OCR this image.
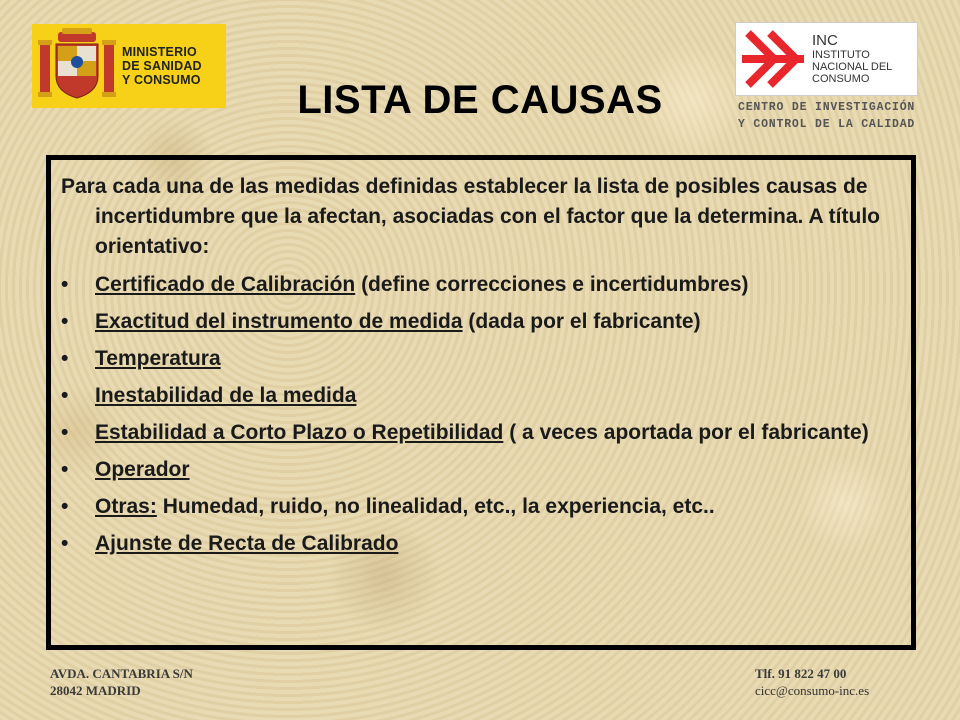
MINISTERIO
DE SANIDAD
Y CONSUMO	LISTA DE CAUSAS
INC
INSTITUTO
NACIONAL DEL
CONSUMO
CENTRO DE INVESTIGACIÓN
Y CONTROL DE LA CALIDAD

Para cada una de las medidas definidas establecer la lista de posibles causas de incertidumbre que la afectan, asociadas con el factor que la determina. A título orientativo:

• Certificado de Calibración (define correcciones e incertidumbres)
• Exactitud del instrumento de medida (dada por el fabricante)
• Temperatura
• Inestabilidad de la medida
• Estabilidad a Corto Plazo o Repetibilidad ( a veces aportada por el fabricante)
• Operador
• Otras: Humedad, ruido, no linealidad, etc., la experiencia, etc..
• Ajunste de Recta de Calibrado
AVDA. CANTABRIA S/N
28042 MADRID
Tlf. 91 822 47 00
cicc@consumo-inc.es
